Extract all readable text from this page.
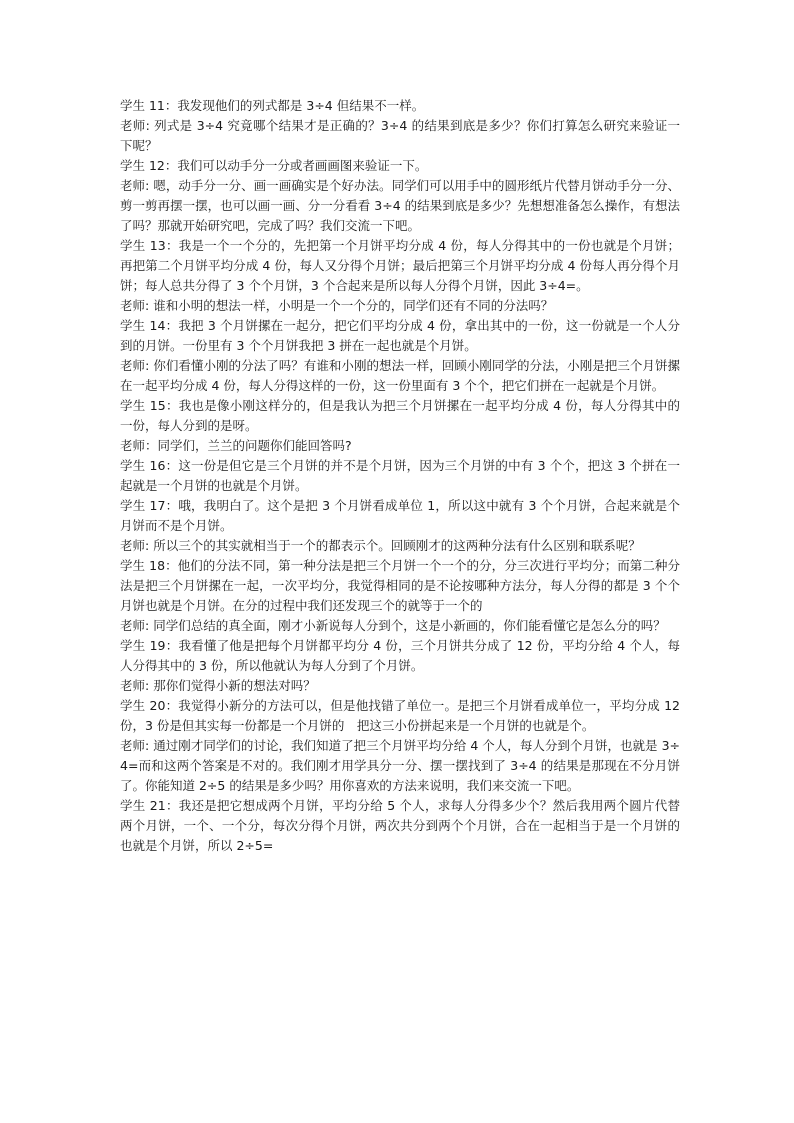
学生 11：我发现他们的列式都是 3÷4 但结果不一样。

老师: 列式是 3÷4 究竟哪个结果才是正确的？3÷4 的结果到底是多少？你们打算怎么研究来验证一下呢？

学生 12：我们可以动手分一分或者画画图来验证一下。

老师: 嗯，动手分一分、画一画确实是个好办法。同学们可以用手中的圆形纸片代替月饼动手分一分、剪一剪再摆一摆，也可以画一画、分一分看看 3÷4 的结果到底是多少？先想想准备怎么操作，有想法了吗？那就开始研究吧，完成了吗？我们交流一下吧。

学生 13：我是一个一个分的，先把第一个月饼平均分成 4 份，每人分得其中的一份也就是个月饼；再把第二个月饼平均分成 4 份，每人又分得个月饼；最后把第三个月饼平均分成 4 份每人再分得个月饼；每人总共分得了 3 个个月饼，3 个合起来是所以每人分得个月饼，因此 3÷4=。

老师: 谁和小明的想法一样，小明是一个一个分的，同学们还有不同的分法吗？

学生 14：我把 3 个月饼摞在一起分，把它们平均分成 4 份，拿出其中的一份，这一份就是一个人分到的月饼。一份里有 3 个个月饼我把 3 拼在一起也就是个月饼。

老师: 你们看懂小刚的分法了吗？有谁和小刚的想法一样，回顾小刚同学的分法，小刚是把三个月饼摞在一起平均分成 4 份，每人分得这样的一份，这一份里面有 3 个个，把它们拼在一起就是个月饼。

学生 15：我也是像小刚这样分的，但是我认为把三个月饼摞在一起平均分成 4 份，每人分得其中的一份，每人分到的是呀。

老师：同学们，兰兰的问题你们能回答吗?

学生 16：这一份是但它是三个月饼的并不是个月饼，因为三个月饼的中有 3 个个，把这 3 个拼在一起就是一个月饼的也就是个月饼。

学生 17：哦，我明白了。这个是把 3 个月饼看成单位 1，所以这中就有 3 个个月饼，合起来就是个月饼而不是个月饼。

老师: 所以三个的其实就相当于一个的都表示个。回顾刚才的这两种分法有什么区别和联系呢？

学生 18：他们的分法不同，第一种分法是把三个月饼一个一个的分，分三次进行平均分；而第二种分法是把三个月饼摞在一起，一次平均分，我觉得相同的是不论按哪种方法分，每人分得的都是 3 个个月饼也就是个月饼。在分的过程中我们还发现三个的就等于一个的

老师: 同学们总结的真全面，刚才小新说每人分到个，这是小新画的，你们能看懂它是怎么分的吗？

学生 19：我看懂了他是把每个月饼都平均分 4 份，三个月饼共分成了 12 份，平均分给 4 个人，每人分得其中的 3 份，所以他就认为每人分到了个月饼。

老师: 那你们觉得小新的想法对吗？

学生 20：我觉得小新分的方法可以，但是他找错了单位一。是把三个月饼看成单位一，平均分成 12 份，3 份是但其实每一份都是一个月饼的　把这三小份拼起来是一个月饼的也就是个。

老师: 通过刚才同学们的讨论，我们知道了把三个月饼平均分给 4 个人，每人分到个月饼，也就是 3÷4=而和这两个答案是不对的。我们刚才用学具分一分、摆一摆找到了 3÷4 的结果是那现在不分月饼了。你能知道 2÷5 的结果是多少吗？用你喜欢的方法来说明，我们来交流一下吧。

学生 21：我还是把它想成两个月饼，平均分给 5 个人，求每人分得多少个？然后我用两个圆片代替两个月饼，一个、一个分，每次分得个月饼，两次共分到两个个月饼，合在一起相当于是一个月饼的也就是个月饼，所以 2÷5=
